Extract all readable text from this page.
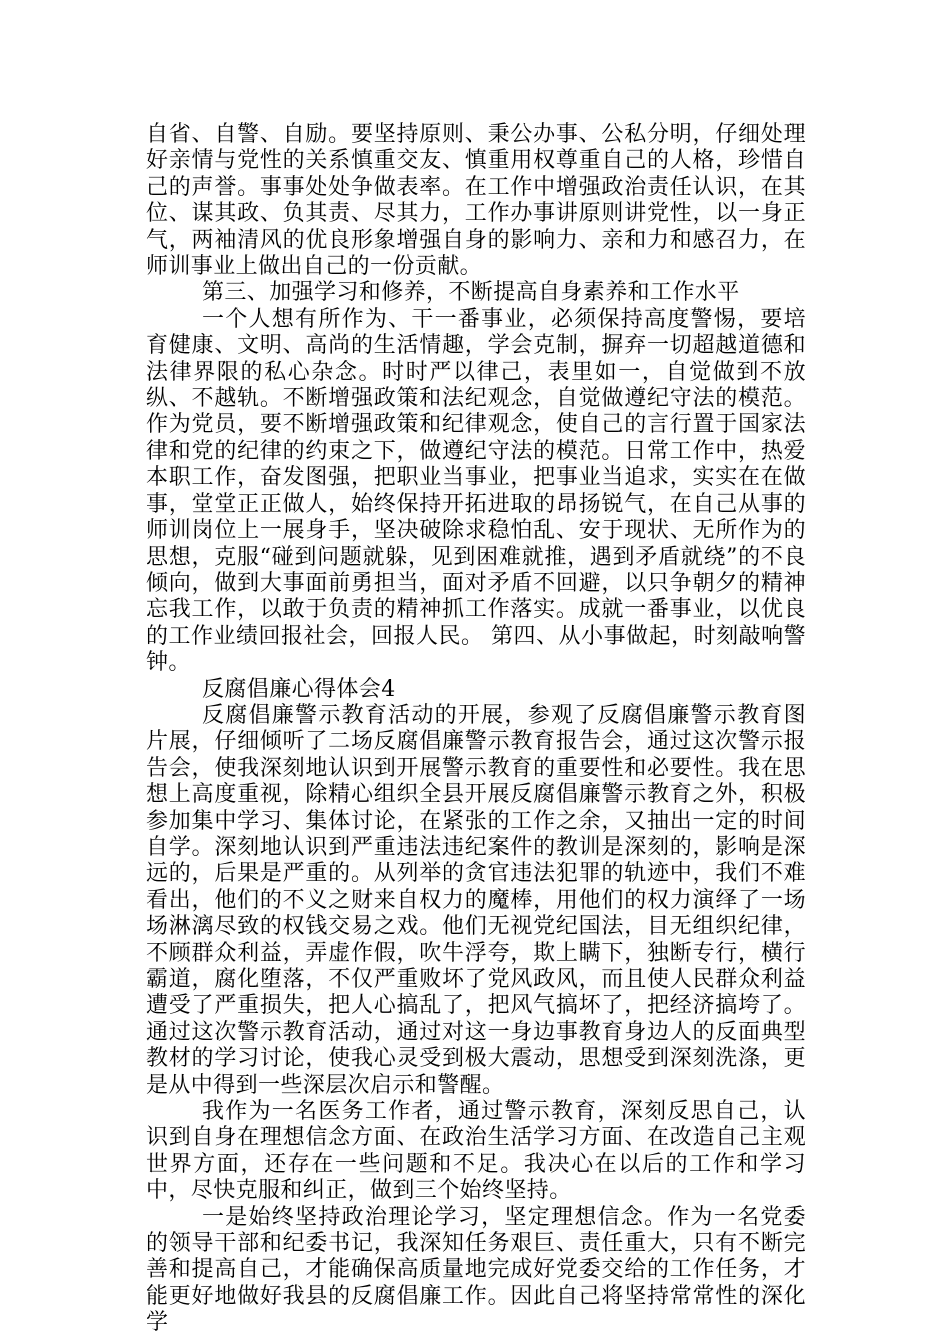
自省、自警、自励。要坚持原则、秉公办事、公私分明，仔细处理好亲情与党性的关系慎重交友、慎重用权尊重自己的人格，珍惜自己的声誉。事事处处争做表率。在工作中增强政治责任认识，在其位、谋其政、负其责、尽其力，工作办事讲原则讲党性，以一身正气，两袖清风的优良形象增强自身的影响力、亲和力和感召力，在师训事业上做出自己的一份贡献。

第三、加强学习和修养，不断提高自身素养和工作水平

一个人想有所作为、干一番事业，必须保持高度警惕，要培育健康、文明、高尚的生活情趣，学会克制，摒弃一切超越道德和法律界限的私心杂念。时时严以律己，表里如一，自觉做到不放纵、不越轨。不断增强政策和法纪观念，自觉做遵纪守法的模范。作为党员，要不断增强政策和纪律观念，使自己的言行置于国家法律和党的纪律的约束之下，做遵纪守法的模范。日常工作中，热爱本职工作，奋发图强，把职业当事业，把事业当追求，实实在在做事，堂堂正正做人，始终保持开拓进取的昂扬锐气，在自己从事的师训岗位上一展身手，坚决破除求稳怕乱、安于现状、无所作为的思想，克服“碰到问题就躲，见到困难就推，遇到矛盾就绕”的不良倾向，做到大事面前勇担当，面对矛盾不回避，以只争朝夕的精神忘我工作，以敢于负责的精神抓工作落实。成就一番事业，以优良的工作业绩回报社会，回报人民。 第四、从小事做起，时刻敲响警钟。

反腐倡廉心得体会4

反腐倡廉警示教育活动的开展，参观了反腐倡廉警示教育图片展，仔细倾听了二场反腐倡廉警示教育报告会，通过这次警示报告会，使我深刻地认识到开展警示教育的重要性和必要性。我在思想上高度重视，除精心组织全县开展反腐倡廉警示教育之外，积极参加集中学习、集体讨论，在紧张的工作之余，又抽出一定的时间自学。深刻地认识到严重违法违纪案件的教训是深刻的，影响是深远的，后果是严重的。从列举的贪官违法犯罪的轨迹中，我们不难看出，他们的不义之财来自权力的魔棒，用他们的权力演绎了一场场淋漓尽致的权钱交易之戏。他们无视党纪国法，目无组织纪律，不顾群众利益，弄虚作假，吹牛浮夸，欺上瞒下，独断专行，横行霸道，腐化堕落，不仅严重败坏了党风政风，而且使人民群众利益遭受了严重损失，把人心搞乱了，把风气搞坏了，把经济搞垮了。通过这次警示教育活动，通过对这一身边事教育身边人的反面典型教材的学习讨论，使我心灵受到极大震动，思想受到深刻洗涤，更是从中得到一些深层次启示和警醒。

我作为一名医务工作者，通过警示教育，深刻反思自己，认识到自身在理想信念方面、在政治生活学习方面、在改造自己主观世界方面，还存在一些问题和不足。我决心在以后的工作和学习中，尽快克服和纠正，做到三个始终坚持。

一是始终坚持政治理论学习，坚定理想信念。作为一名党委的领导干部和纪委书记，我深知任务艰巨、责任重大，只有不断完善和提高自己，才能确保高质量地完成好党委交给的工作任务，才能更好地做好我县的反腐倡廉工作。因此自己将坚持常常性的深化学
